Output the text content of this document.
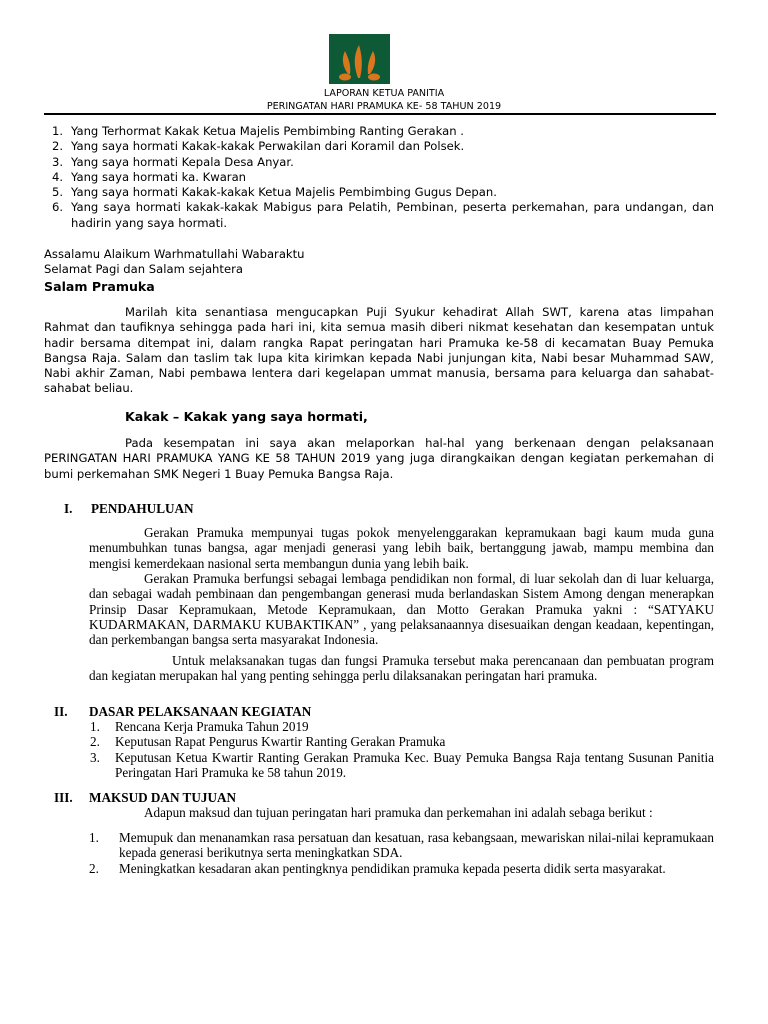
LAPORAN KETUA PANITIA
PERINGATAN HARI PRAMUKA KE- 58 TAHUN 2019
1. Yang Terhormat Kakak Ketua Majelis Pembimbing Ranting Gerakan .
2. Yang saya hormati Kakak-kakak Perwakilan dari Koramil dan Polsek.
3. Yang saya hormati Kepala Desa Anyar.
4. Yang saya hormati ka. Kwaran
5. Yang saya hormati Kakak-kakak Ketua Majelis Pembimbing Gugus Depan.
6. Yang saya hormati kakak-kakak Mabigus para Pelatih, Pembinan, peserta perkemahan, para undangan, dan hadirin yang saya hormati.
Assalamu Alaikum Warhmatullahi Wabaraktu
Selamat Pagi dan Salam sejahtera
Salam Pramuka
Marilah kita senantiasa mengucapkan Puji Syukur kehadirat Allah SWT, karena atas limpahan Rahmat dan taufiknya sehingga pada hari ini, kita semua masih diberi nikmat kesehatan dan kesempatan untuk hadir bersama ditempat ini, dalam rangka Rapat peringatan hari Pramuka ke-58 di kecamatan Buay Pemuka Bangsa Raja. Salam dan taslim tak lupa kita kirimkan kepada Nabi junjungan kita, Nabi besar Muhammad SAW, Nabi akhir Zaman, Nabi pembawa lentera dari kegelapan ummat manusia, bersama para keluarga dan sahabat-sahabat beliau.
Kakak – Kakak yang saya hormati,
Pada kesempatan ini saya akan melaporkan hal-hal yang berkenaan dengan pelaksanaan PERINGATAN HARI PRAMUKA YANG KE 58 TAHUN 2019 yang juga dirangkaikan dengan kegiatan perkemahan di bumi perkemahan SMK Negeri 1 Buay Pemuka Bangsa Raja.
I. PENDAHULUAN
Gerakan Pramuka mempunyai tugas pokok menyelenggarakan kepramukaan bagi kaum muda guna menumbuhkan tunas bangsa, agar menjadi generasi yang lebih baik, bertanggung jawab, mampu membina dan mengisi kemerdekaan nasional serta membangun dunia yang lebih baik.
Gerakan Pramuka berfungsi sebagai lembaga pendidikan non formal, di luar sekolah dan di luar keluarga, dan sebagai wadah pembinaan dan pengembangan generasi muda berlandaskan Sistem Among dengan menerapkan Prinsip Dasar Kepramukaan, Metode Kepramukaan, dan Motto Gerakan Pramuka yakni : “SATYAKU KUDARMAKAN, DARMAKU KUBAKTIKAN” , yang pelaksanaannya disesuaikan dengan keadaan, kepentingan, dan perkembangan bangsa serta masyarakat Indonesia.
Untuk melaksanakan tugas dan fungsi Pramuka tersebut maka perencanaan dan pembuatan program dan kegiatan merupakan hal yang penting sehingga perlu dilaksanakan peringatan hari pramuka.
II. DASAR PELAKSANAAN KEGIATAN
1. Rencana Kerja Pramuka Tahun 2019
2. Keputusan Rapat Pengurus Kwartir Ranting Gerakan Pramuka
3. Keputusan Ketua Kwartir Ranting Gerakan Pramuka Kec. Buay Pemuka Bangsa Raja tentang Susunan Panitia Peringatan Hari Pramuka ke 58 tahun 2019.
III. MAKSUD DAN TUJUAN
Adapun maksud dan tujuan peringatan hari pramuka dan perkemahan ini adalah sebaga berikut :
1. Memupuk dan menanamkan rasa persatuan dan kesatuan, rasa kebangsaan, mewariskan nilai-nilai kepramukaan kepada generasi berikutnya serta meningkatkan SDA.
2. Meningkatkan kesadaran akan pentingknya pendidikan pramuka kepada peserta didik serta masyarakat.
